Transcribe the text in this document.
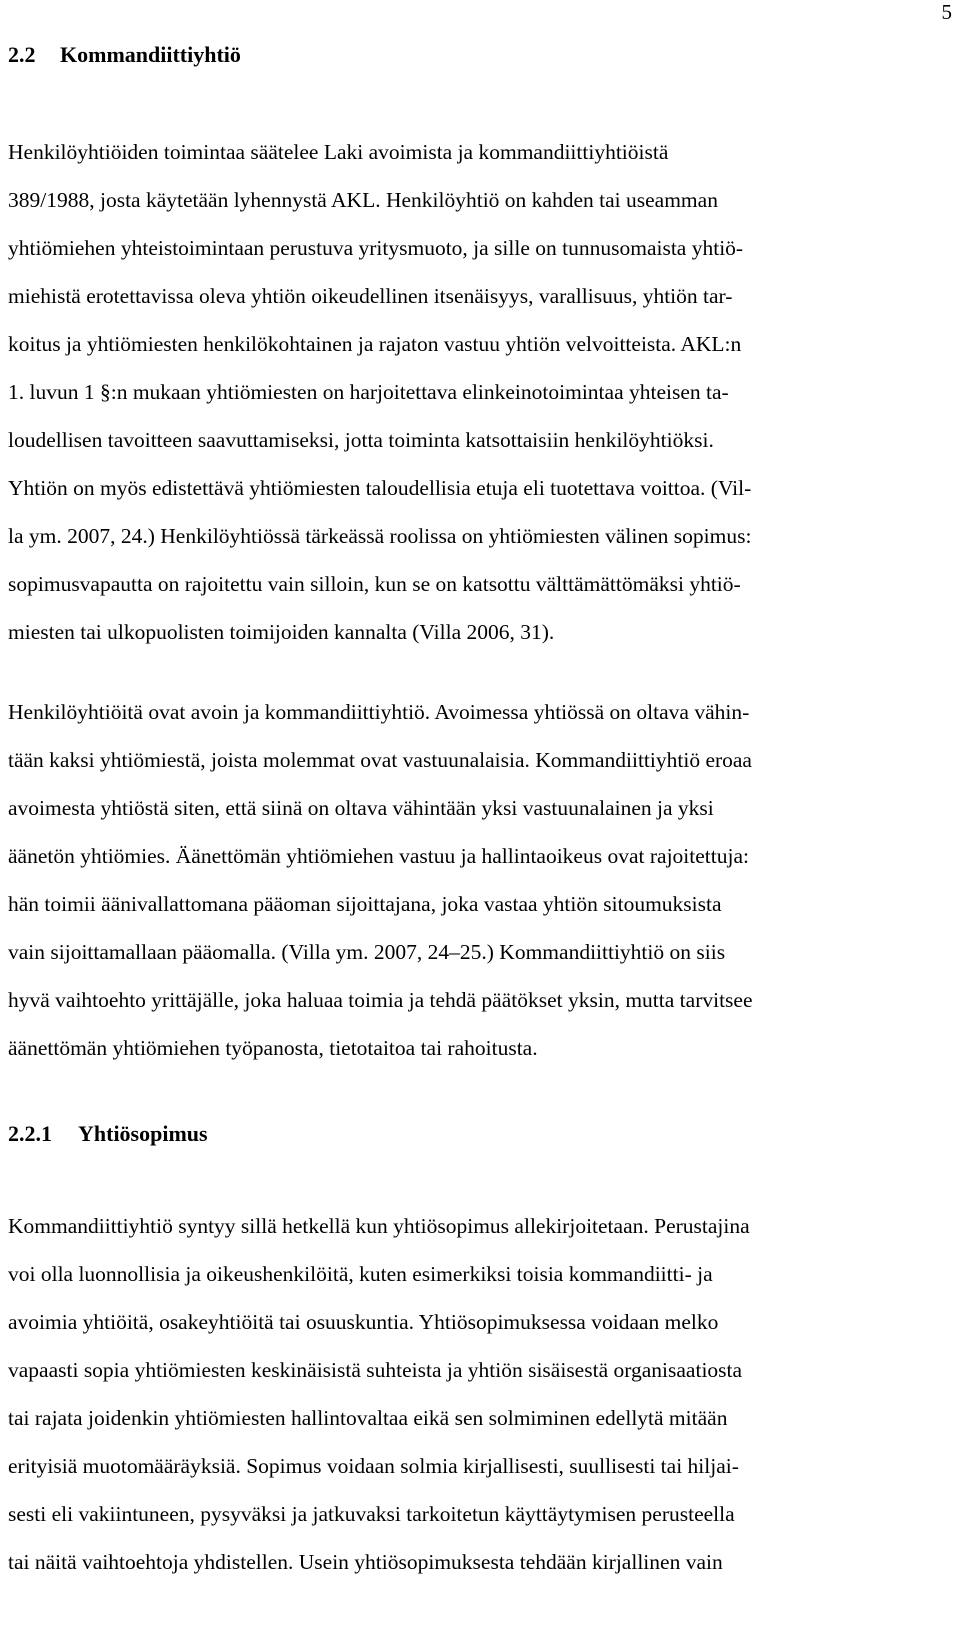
5
2.2 Kommandiittiyhtiö
Henkilöyhtiöiden toimintaa säätelee Laki avoimista ja kommandiittiyhtiöistä
389/1988, josta käytetään lyhennystä AKL. Henkilöyhtiö on kahden tai useamman
yhtiömiehen yhteistoimintaan perustuva yritysmuoto, ja sille on tunnusomaista yhtiö-
miehistä erotettavissa oleva yhtiön oikeudellinen itsenäisyys, varallisuus, yhtiön tar-
koitus ja yhtiömiesten henkilökohtainen ja rajaton vastuu yhtiön velvoitteista. AKL:n
1. luvun 1 §:n mukaan yhtiömiesten on harjoitettava elinkeinotoimintaa yhteisen ta-
loudellisen tavoitteen saavuttamiseksi, jotta toiminta katsottaisiin henkilöyhtiöksi.
Yhtiön on myös edistettävä yhtiömiesten taloudellisia etuja eli tuotettava voittoa. (Vil-
la ym. 2007, 24.) Henkilöyhtiössä tärkeässä roolissa on yhtiömiesten välinen sopimus:
sopimusvapautta on rajoitettu vain silloin, kun se on katsottu välttämättömäksi yhtiö-
miesten tai ulkopuolisten toimijoiden kannalta (Villa 2006, 31).
Henkilöyhtiöitä ovat avoin ja kommandiittiyhtiö. Avoimessa yhtiössä on oltava vähin-
tään kaksi yhtiömiestä, joista molemmat ovat vastuunalaisia. Kommandiittiyhtiö eroaa
avoimesta yhtiöstä siten, että siinä on oltava vähintään yksi vastuunalainen ja yksi
äänetön yhtiömies. Äänettömän yhtiömiehen vastuu ja hallintaoikeus ovat rajoitettuja:
hän toimii äänivallattomana pääoman sijoittajana, joka vastaa yhtiön sitoumuksista
vain sijoittamallaan pääomalla. (Villa ym. 2007, 24–25.) Kommandiittiyhtiö on siis
hyvä vaihtoehto yrittäjälle, joka haluaa toimia ja tehdä päätökset yksin, mutta tarvitsee
äänettömän yhtiömiehen työpanosta, tietotaitoa tai rahoitusta.
2.2.1 Yhtiösopimus
Kommandiittiyhtiö syntyy sillä hetkellä kun yhtiösopimus allekirjoitetaan. Perustajina
voi olla luonnollisia ja oikeushenkilöitä, kuten esimerkiksi toisia kommandiitti- ja
avoimia yhtiöitä, osakeyhtiöitä tai osuuskuntia. Yhtiösopimuksessa voidaan melko
vapaasti sopia yhtiömiesten keskinäisistä suhteista ja yhtiön sisäisestä organisaatiosta
tai rajata joidenkin yhtiömiesten hallintovaltaa eikä sen solmiminen edellytä mitään
erityisiä muotomääräyksiä. Sopimus voidaan solmia kirjallisesti, suullisesti tai hiljai-
sesti eli vakiintuneen, pysyväksi ja jatkuvaksi tarkoitetun käyttäytymisen perusteella
tai näitä vaihtoehtoja yhdistellen. Usein yhtiösopimuksesta tehdään kirjallinen vain
